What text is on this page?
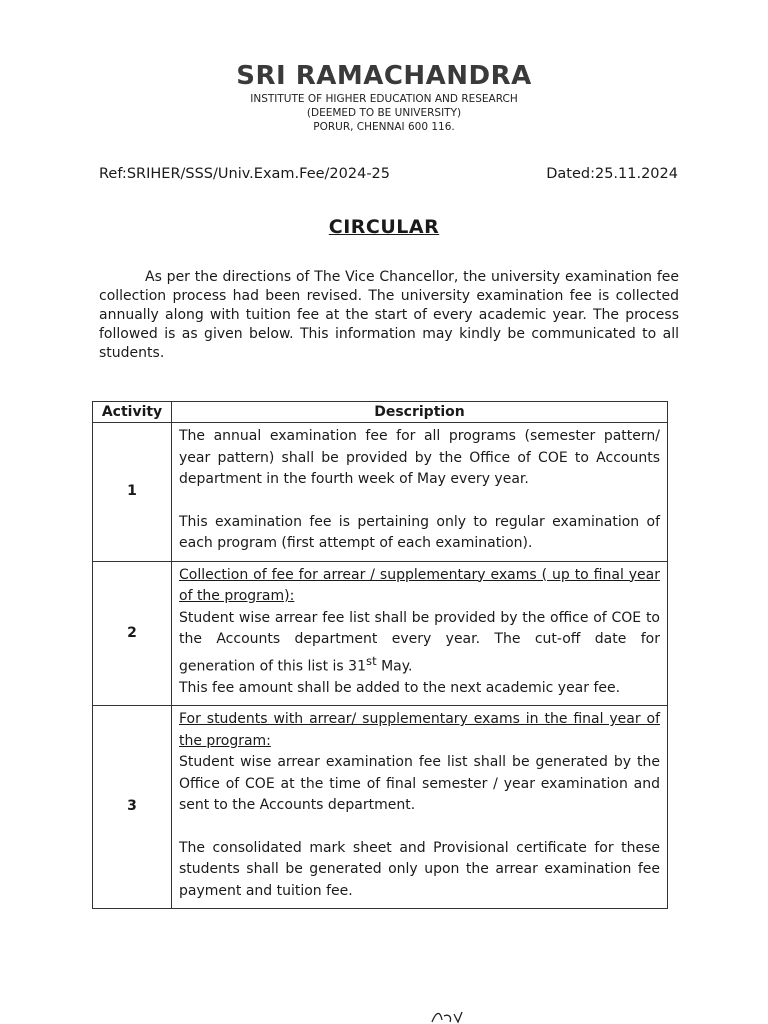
SRI RAMACHANDRA
INSTITUTE OF HIGHER EDUCATION AND RESEARCH
(DEEMED TO BE UNIVERSITY)
PORUR, CHENNAI 600 116.
Ref:SRIHER/SSS/Univ.Exam.Fee/2024-25	Dated:25.11.2024
CIRCULAR

As per the directions of The Vice Chancellor, the university examination fee collection process had been revised. The university examination fee is collected annually along with tuition fee at the start of every academic year. The process followed is as given below. This information may kindly be communicated to all students.

Activity	Description
1	The annual examination fee for all programs (semester pattern/ year pattern) shall be provided by the Office of COE to Accounts department in the fourth week of May every year.

This examination fee is pertaining only to regular examination of each program (first attempt of each examination).

2	Collection of fee for arrear / supplementary exams ( up to final year of the program):

Student wise arrear fee list shall be provided by the office of COE to the Accounts department every year. The cut-off date for generation of this list is 31st May.

This fee amount shall be added to the next academic year fee.

3	For students with arrear/ supplementary exams in the final year of the program:

Student wise arrear examination fee list shall be generated by the Office of COE at the time of final semester / year examination and sent to the Accounts department.

The consolidated mark sheet and Provisional certificate for these students shall be generated only upon the arrear examination fee payment and tuition fee.
